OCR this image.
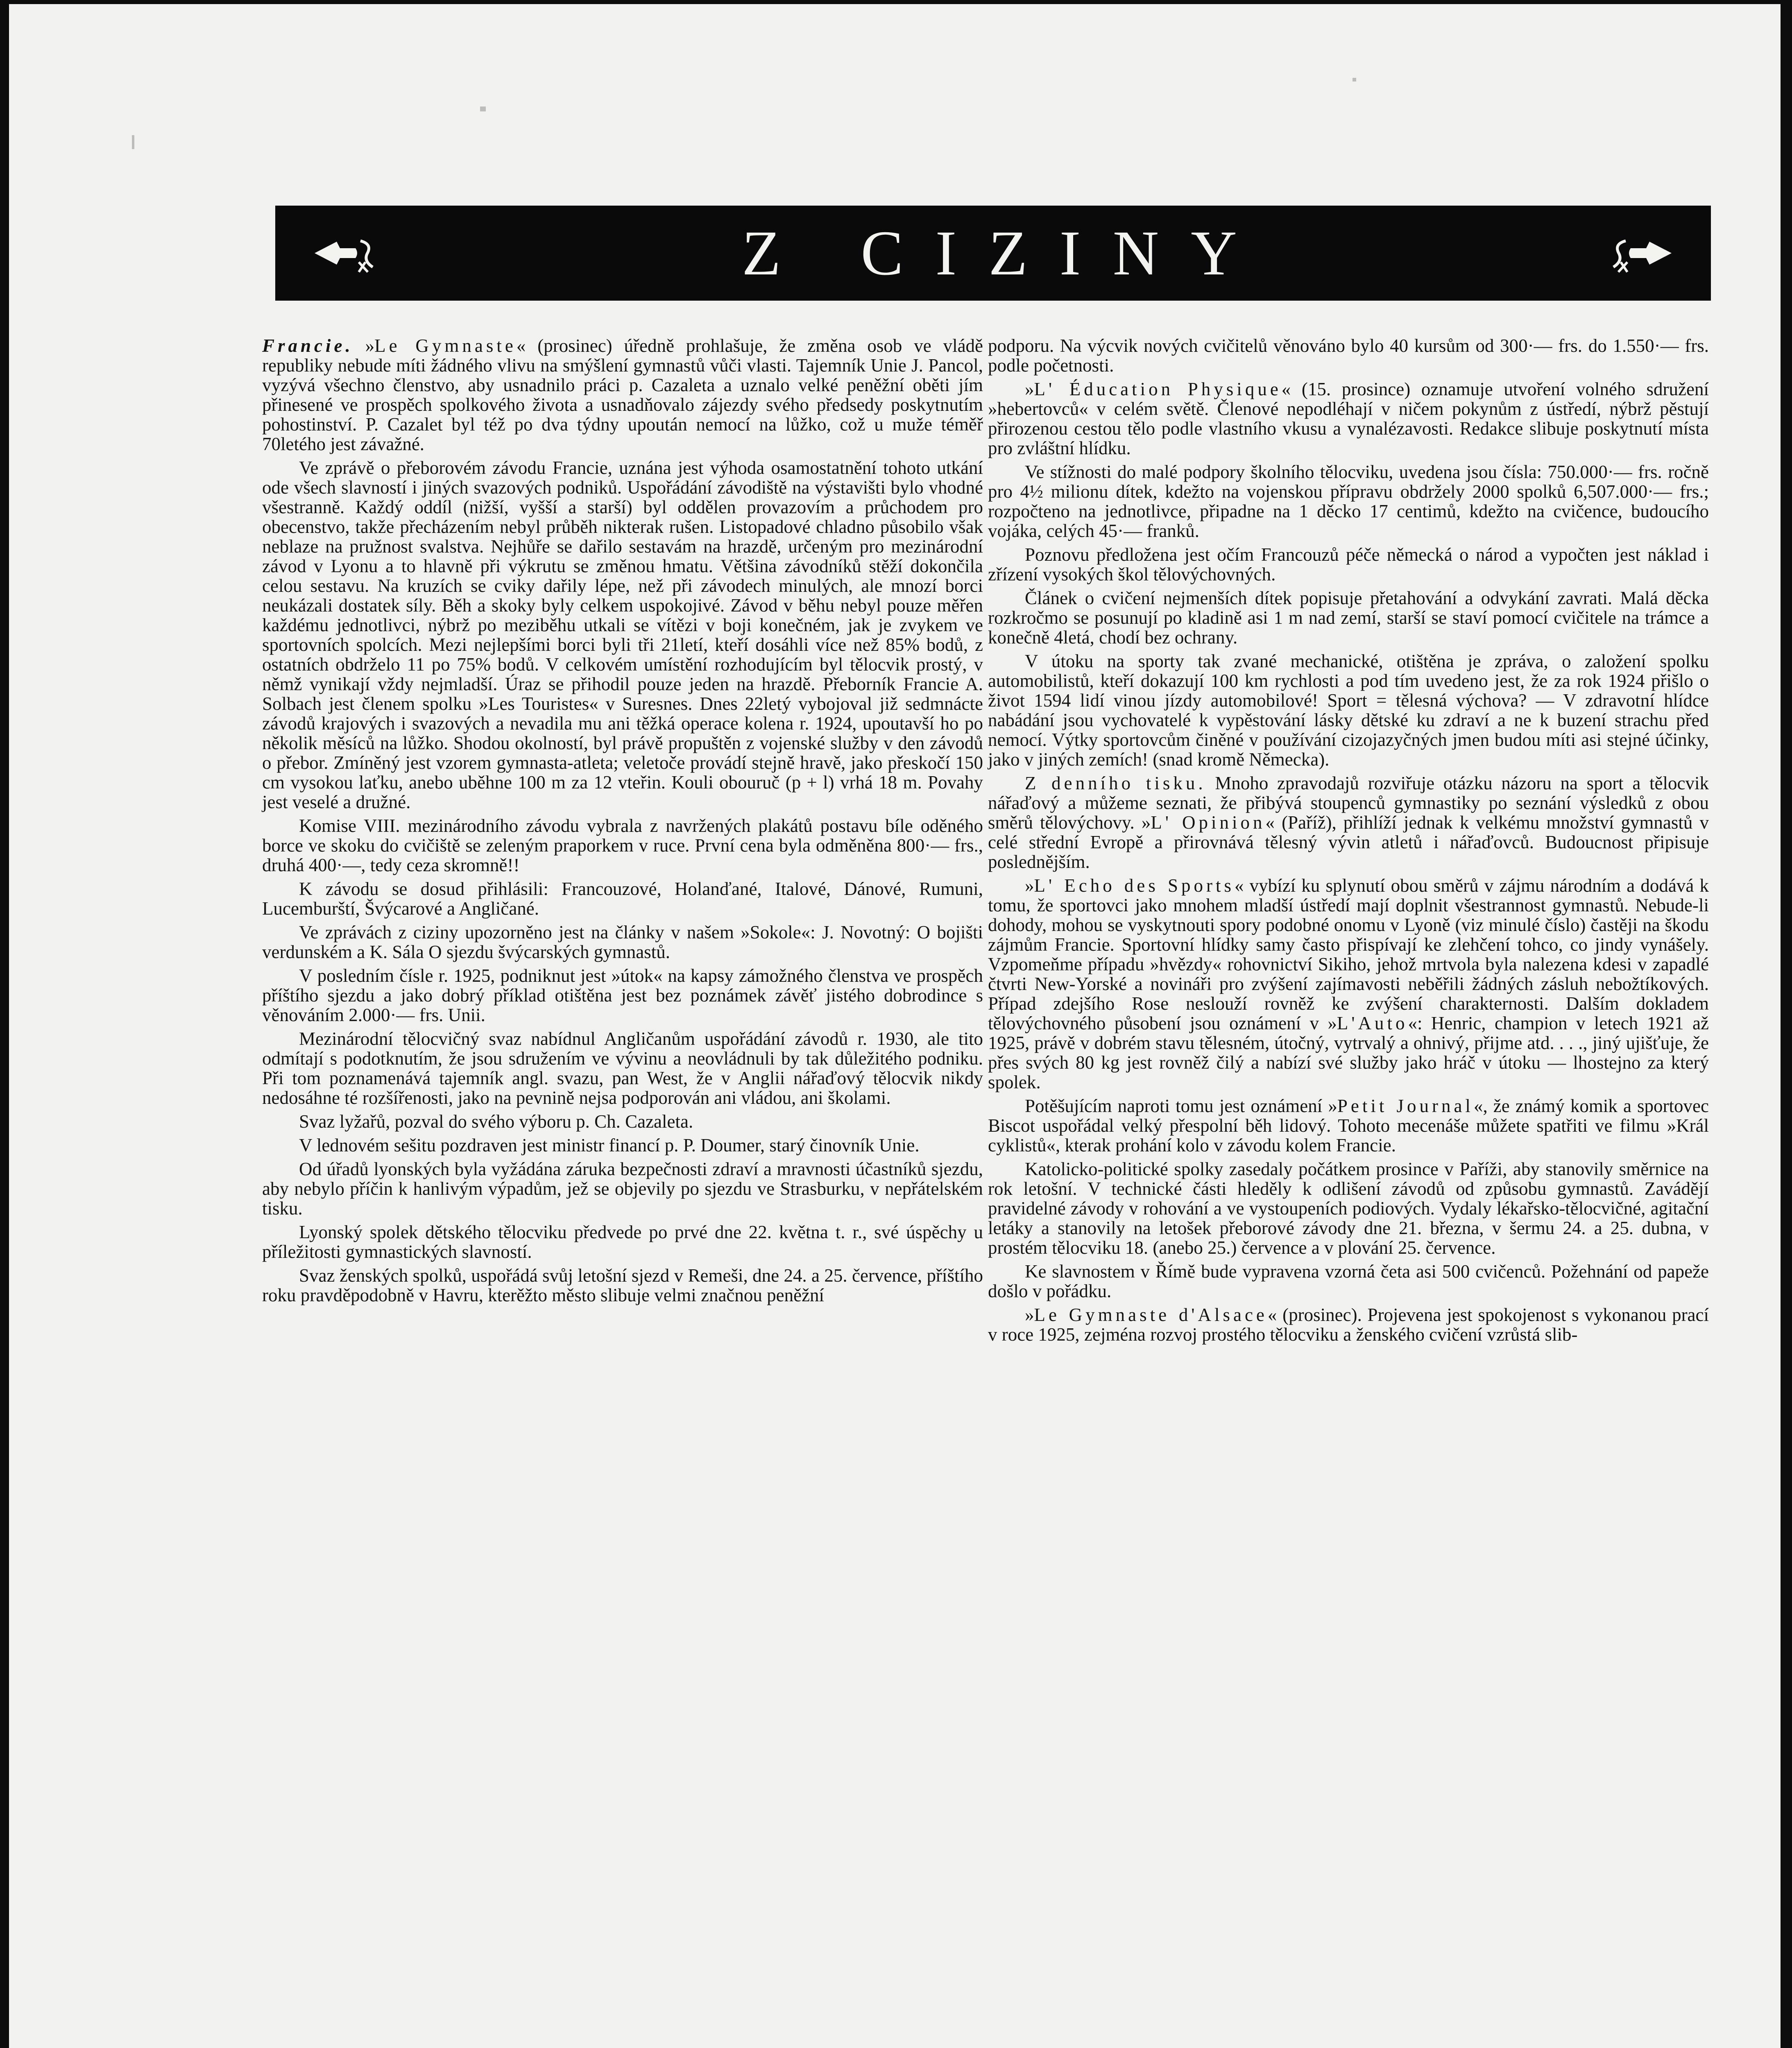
Z CIZINY

Francie. »Le Gymnaste« (prosinec) úředně prohlašuje, že změna osob ve vládě republiky nebude míti žádného vlivu na smýšlení gymnastů vůči vlasti. Tajemník Unie J. Pancol, vyzývá všechno členstvo, aby usnadnilo práci p. Cazaleta a uznalo velké peněžní oběti jím přinesené ve prospěch spolkového života a usnadňovalo zájezdy svého předsedy poskytnutím pohostinství. P. Cazalet byl též po dva týdny upoután nemocí na lůžko, což u muže téměř 70letého jest závažné.

Ve zprávě o přeborovém závodu Francie, uznána jest výhoda osamostatnění tohoto utkání ode všech slavností i jiných svazových podniků. Uspořádání závodiště na výstavišti bylo vhodné všestranně. Každý oddíl (nižší, vyšší a starší) byl oddělen provazovím a průchodem pro obecenstvo, takže přecházením nebyl průběh nikterak rušen. Listopadové chladno působilo však neblaze na pružnost svalstva. Nejhůře se dařilo sestavám na hrazdě, určeným pro mezinárodní závod v Lyonu a to hlavně při výkrutu se změnou hmatu. Většina závodníků stěží dokončila celou sestavu. Na kruzích se cviky dařily lépe, než při závodech minulých, ale mnozí borci neukázali dostatek síly. Běh a skoky byly celkem uspokojivé. Závod v běhu nebyl pouze měřen každému jednotlivci, nýbrž po meziběhu utkali se vítězi v boji konečném, jak je zvykem ve sportovních spolcích. Mezi nejlepšími borci byli tři 21letí, kteří dosáhli více než 85% bodů, z ostatních obdrželo 11 po 75% bodů. V celkovém umístění rozhodujícím byl tělocvik prostý, v němž vynikají vždy nejmladší. Úraz se přihodil pouze jeden na hrazdě. Přeborník Francie A. Solbach jest členem spolku »Les Touristes« v Suresnes. Dnes 22letý vybojoval již sedmnácte závodů krajových i svazových a nevadila mu ani těžká operace kolena r. 1924, upoutavší ho po několik měsíců na lůžko. Shodou okolností, byl právě propuštěn z vojenské služby v den závodů o přebor. Zmíněný jest vzorem gymnasta-atleta; veletoče provádí stejně hravě, jako přeskočí 150 cm vysokou laťku, anebo uběhne 100 m za 12 vteřin. Kouli obouruč (p + l) vrhá 18 m. Povahy jest veselé a družné.

Komise VIII. mezinárodního závodu vybrala z navržených plakátů postavu bíle oděného borce ve skoku do cvičiště se zeleným praporkem v ruce. První cena byla odměněna 800·— frs., druhá 400·—, tedy ceza skromně!!

K závodu se dosud přihlásili: Francouzové, Holanďané, Italové, Dánové, Rumuni, Lucemburští, Švýcarové a Angličané.

Ve zprávách z ciziny upozorněno jest na články v našem »Sokole«: J. Novotný: O bojišti verdunském a K. Sála O sjezdu švýcarských gymnastů.

V posledním čísle r. 1925, podniknut jest »útok« na kapsy zámožného členstva ve prospěch příštího sjezdu a jako dobrý příklad otištěna jest bez poznámek závěť jistého dobrodince s věnováním 2.000·— frs. Unii.

Mezinárodní tělocvičný svaz nabídnul Angličanům uspořádání závodů r. 1930, ale tito odmítají s podotknutím, že jsou sdružením ve vývinu a neovládnuli by tak důležitého podniku. Při tom poznamenává tajemník angl. svazu, pan West, že v Anglii nářaďový tělocvik nikdy nedosáhne té rozšířenosti, jako na pevnině nejsa podporován ani vládou, ani školami.

Svaz lyžařů, pozval do svého výboru p. Ch. Cazaleta.

V lednovém sešitu pozdraven jest ministr financí p. P. Doumer, starý činovník Unie.

Od úřadů lyonských byla vyžádána záruka bezpečnosti zdraví a mravnosti účastníků sjezdu, aby nebylo příčin k hanlivým výpadům, jež se objevily po sjezdu ve Strasburku, v nepřátelském tisku.

Lyonský spolek dětského tělocviku předvede po prvé dne 22. května t. r., své úspěchy u příležitosti gymnastických slavností.

Svaz ženských spolků, uspořádá svůj letošní sjezd v Remeši, dne 24. a 25. července, příštího roku pravděpodobně v Havru, kterěžto město slibuje velmi značnou peněžní

podporu. Na výcvik nových cvičitelů věnováno bylo 40 kursům od 300·— frs. do 1.550·— frs. podle početnosti.

»L' Éducation Physique« (15. prosince) oznamuje utvoření volného sdružení »hebertovců« v celém světě. Členové nepodléhají v ničem pokynům z ústředí, nýbrž pěstují přirozenou cestou tělo podle vlastního vkusu a vynalézavosti. Redakce slibuje poskytnutí místa pro zvláštní hlídku.

Ve stížnosti do malé podpory školního tělocviku, uvedena jsou čísla: 750.000·— frs. ročně pro 4½ milionu dítek, kdežto na vojenskou přípravu obdržely 2000 spolků 6,507.000·— frs.; rozpočteno na jednotlivce, připadne na 1 děcko 17 centimů, kdežto na cvičence, budoucího vojáka, celých 45·— franků.

Poznovu předložena jest očím Francouzů péče německá o národ a vypočten jest náklad i zřízení vysokých škol tělovýchovných.

Článek o cvičení nejmenších dítek popisuje přetahování a odvykání zavrati. Malá děcka rozkročmo se posunují po kladině asi 1 m nad zemí, starší se staví pomocí cvičitele na trámce a konečně 4letá, chodí bez ochrany.

V útoku na sporty tak zvané mechanické, otištěna je zpráva, o založení spolku automobilistů, kteří dokazují 100 km rychlosti a pod tím uvedeno jest, že za rok 1924 přišlo o život 1594 lidí vinou jízdy automobilové! Sport = tělesná výchova? — V zdravotní hlídce nabádání jsou vychovatelé k vypěstování lásky dětské ku zdraví a ne k buzení strachu před nemocí. Výtky sportovcům činěné v používání cizojazyčných jmen budou míti asi stejné účinky, jako v jiných zemích! (snad kromě Německa).

Z denního tisku. Mnoho zpravodajů rozviřuje otázku názoru na sport a tělocvik nářaďový a můžeme seznati, že přibývá stoupenců gymnastiky po seznání výsledků z obou směrů tělovýchovy. »L' Opinion« (Paříž), přihlíží jednak k velkému množství gymnastů v celé střední Evropě a přirovnává tělesný vývin atletů i nářaďovců. Budoucnost připisuje poslednějším.

»L' Echo des Sports« vybízí ku splynutí obou směrů v zájmu národním a dodává k tomu, že sportovci jako mnohem mladší ústředí mají doplnit všestrannost gymnastů. Nebude-li dohody, mohou se vyskytnouti spory podobné onomu v Lyoně (viz minulé číslo) častěji na škodu zájmům Francie. Sportovní hlídky samy často přispívají ke zlehčení tohco, co jindy vynášely. Vzpomeňme případu »hvězdy« rohovnictví Sikiho, jehož mrtvola byla nalezena kdesi v zapadlé čtvrti New-Yorské a novináři pro zvýšení zajímavosti neběřili žádných zásluh nebožtíkových. Případ zdejšího Rose neslouží rovněž ke zvýšení charakternosti. Dalším dokladem tělovýchovného působení jsou oznámení v »L'Auto«: Henric, champion v letech 1921 až 1925, právě v dobrém stavu tělesném, útočný, vytrvalý a ohnivý, přijme atd. . . ., jiný ujišťuje, že přes svých 80 kg jest rovněž čilý a nabízí své služby jako hráč v útoku — lhostejno za který spolek.

Potěšujícím naproti tomu jest oznámení »Petit Journal«, že známý komik a sportovec Biscot uspořádal velký přespolní běh lidový. Tohoto mecenáše můžete spatřiti ve filmu »Král cyklistů«, kterak prohání kolo v závodu kolem Francie.

Katolicko-politické spolky zasedaly počátkem prosince v Paříži, aby stanovily směrnice na rok letošní. V technické části hleděly k odlišení závodů od způsobu gymnastů. Zavádějí pravidelné závody v rohování a ve vystoupeních podiových. Vydaly lékařsko-tělocvičné, agitační letáky a stanovily na letošek přeborové závody dne 21. března, v šermu 24. a 25. dubna, v prostém tělocviku 18. (anebo 25.) července a v plování 25. července.

Ke slavnostem v Římě bude vypravena vzorná četa asi 500 cvičenců. Požehnání od papeže došlo v pořádku.

»Le Gymnaste d'Alsace« (prosinec). Projevena jest spokojenost s vykonanou prací v roce 1925, zejména rozvoj prostého tělocviku a ženského cvičení vzrůstá slib-
